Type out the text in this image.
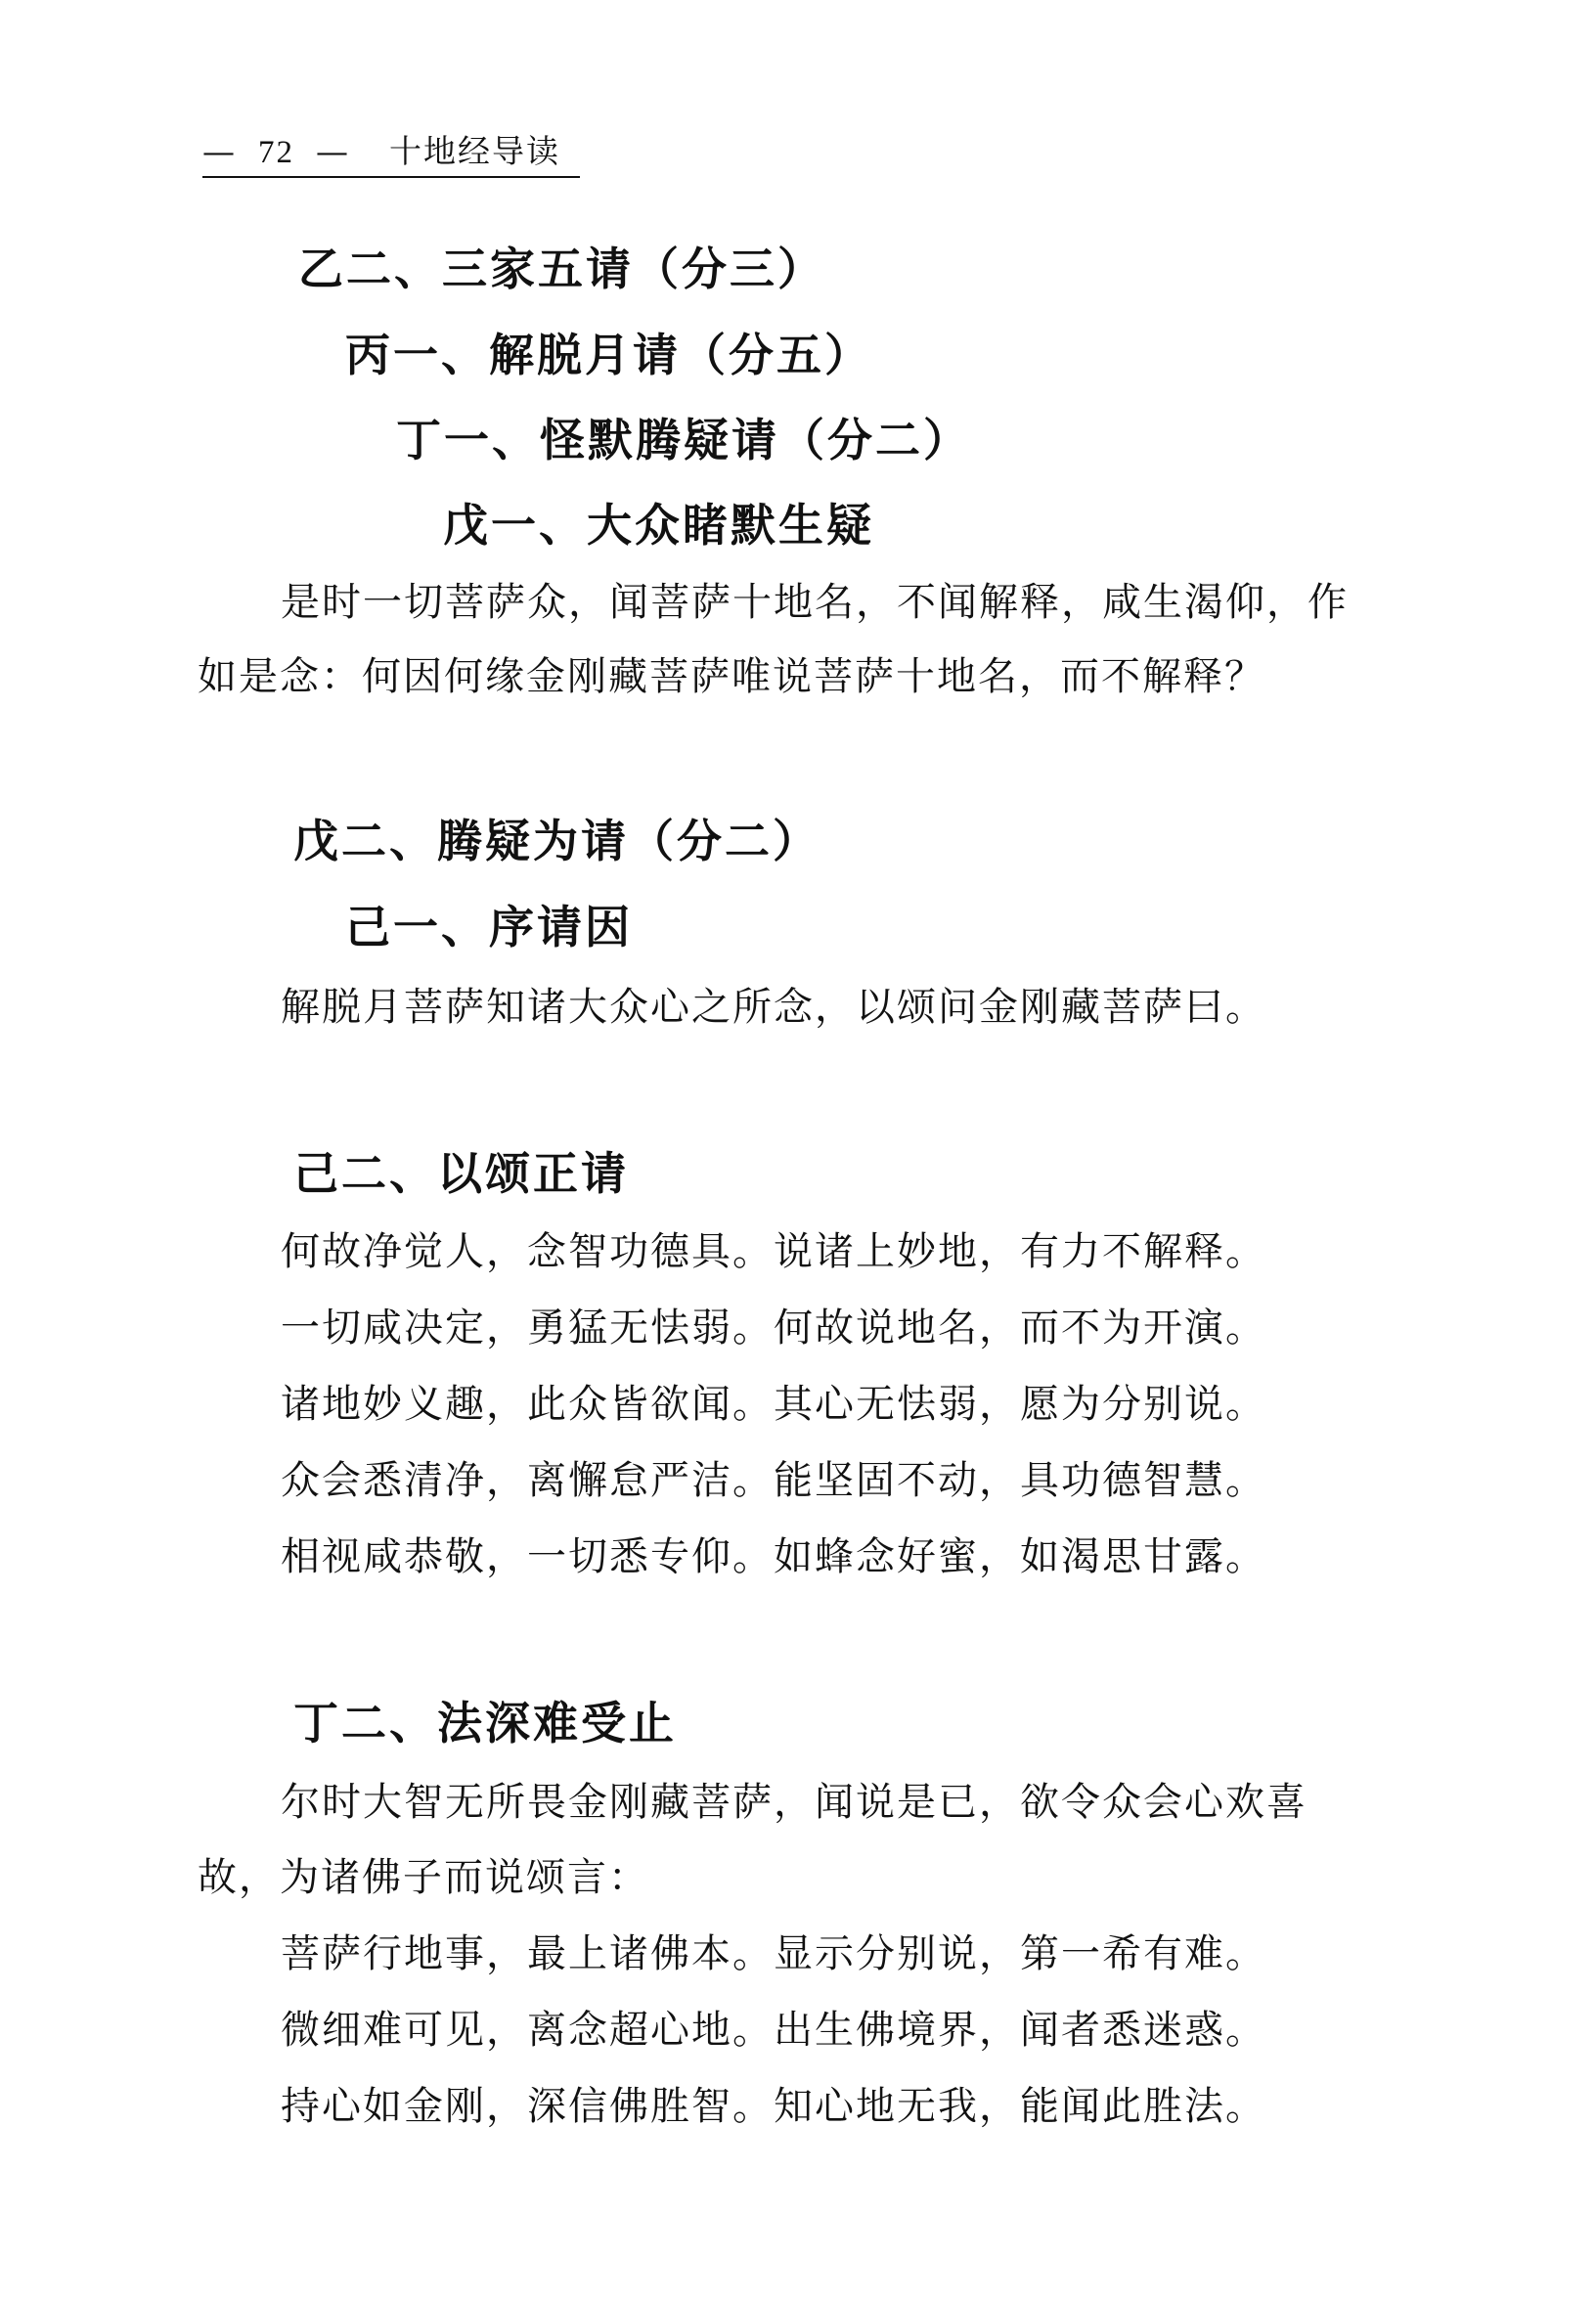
— 72 — 十地经导读
乙二、三家五请（分三）
丙一、解脱月请（分五）
丁一、怪默腾疑请（分二）
戊一、大众睹默生疑
是时一切菩萨众，闻菩萨十地名，不闻解释，咸生渴仰，作
如是念：何因何缘金刚藏菩萨唯说菩萨十地名，而不解释？
戊二、腾疑为请（分二）
己一、序请因
解脱月菩萨知诸大众心之所念，以颂问金刚藏菩萨曰。
己二、以颂正请
何故净觉人，念智功德具。说诸上妙地，有力不解释。
一切咸决定，勇猛无怯弱。何故说地名，而不为开演。
诸地妙义趣，此众皆欲闻。其心无怯弱，愿为分别说。
众会悉清净，离懈怠严洁。能坚固不动，具功德智慧。
相视咸恭敬，一切悉专仰。如蜂念好蜜，如渴思甘露。
丁二、法深难受止
尔时大智无所畏金刚藏菩萨，闻说是已，欲令众会心欢喜
故，为诸佛子而说颂言：
菩萨行地事，最上诸佛本。显示分别说，第一希有难。
微细难可见，离念超心地。出生佛境界，闻者悉迷惑。
持心如金刚，深信佛胜智。知心地无我，能闻此胜法。
